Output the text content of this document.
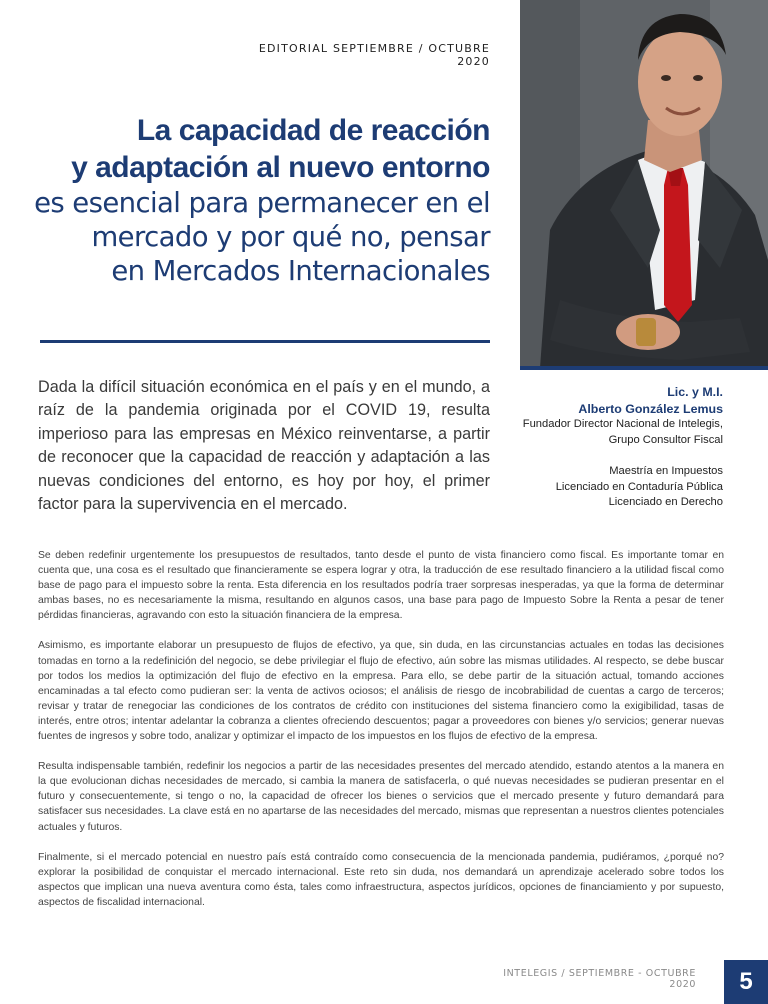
EDITORIAL SEPTIEMBRE / OCTUBRE 2020
La capacidad de reacción
y adaptación al nuevo entorno
es esencial para permanecer en el
mercado y por qué no, pensar
en Mercados Internacionales
Dada la difícil situación económica en el país y en el mundo, a raíz de la pandemia originada por el COVID 19, resulta imperioso para las empresas en México reinventarse, a partir de reconocer que la capacidad de reacción y adaptación a las nuevas condiciones del entorno, es hoy por hoy, el primer factor para la supervivencia en el mercado.
Lic. y M.I.
Alberto González Lemus
Fundador Director Nacional de Intelegis,
Grupo Consultor Fiscal
Maestría en Impuestos
Licenciado en Contaduría Pública
Licenciado en Derecho

Se deben redefinir urgentemente los presupuestos de resultados, tanto desde el punto de vista financiero como fiscal. Es importante tomar en cuenta que, una cosa es el resultado que financieramente se espera lograr y otra, la traducción de ese resultado financiero a la utilidad fiscal como base de pago para el impuesto sobre la renta. Esta diferencia en los resultados podría traer sorpresas inesperadas, ya que la forma de determinar ambas bases, no es necesariamente la misma, resultando en algunos casos, una base para pago de Impuesto Sobre la Renta a pesar de tener pérdidas financieras, agravando con esto la situación financiera de la empresa.

Asimismo, es importante elaborar un presupuesto de flujos de efectivo, ya que, sin duda, en las circunstancias actuales en todas las decisiones tomadas en torno a la redefinición del negocio, se debe privilegiar el flujo de efectivo, aún sobre las mismas utilidades. Al respecto, se debe buscar por todos los medios la optimización del flujo de efectivo en la empresa. Para ello, se debe partir de la situación actual, tomando acciones encaminadas a tal efecto como pudieran ser: la venta de activos ociosos; el análisis de riesgo de incobrabilidad de cuentas a cargo de terceros; revisar y tratar de renegociar las condiciones de los contratos de crédito con instituciones del sistema financiero como la exigibilidad, tasas de interés, entre otros; intentar adelantar la cobranza a clientes ofreciendo descuentos; pagar a proveedores con bienes y/o servicios; generar nuevas fuentes de ingresos y sobre todo, analizar y optimizar el impacto de los impuestos en los flujos de efectivo de la empresa.

Resulta indispensable también, redefinir los negocios a partir de las necesidades presentes del mercado atendido, estando atentos a la manera en la que evolucionan dichas necesidades de mercado, si cambia la manera de satisfacerla, o qué nuevas necesidades se pudieran presentar en el futuro y consecuentemente, si tengo o no, la capacidad de ofrecer los bienes o servicios que el mercado presente y futuro demandará para satisfacer sus necesidades. La clave está en no apartarse de las necesidades del mercado, mismas que representan a nuestros clientes potenciales actuales y futuros.

Finalmente, si el mercado potencial en nuestro país está contraído como consecuencia de la mencionada pandemia, pudiéramos, ¿porqué no? explorar la posibilidad de conquistar el mercado internacional. Este reto sin duda, nos demandará un aprendizaje acelerado sobre todos los aspectos que implican una nueva aventura como ésta, tales como infraestructura, aspectos jurídicos, opciones de financiamiento y por supuesto, aspectos de fiscalidad internacional.

INTELEGIS / SEPTIEMBRE - OCTUBRE 2020	5
